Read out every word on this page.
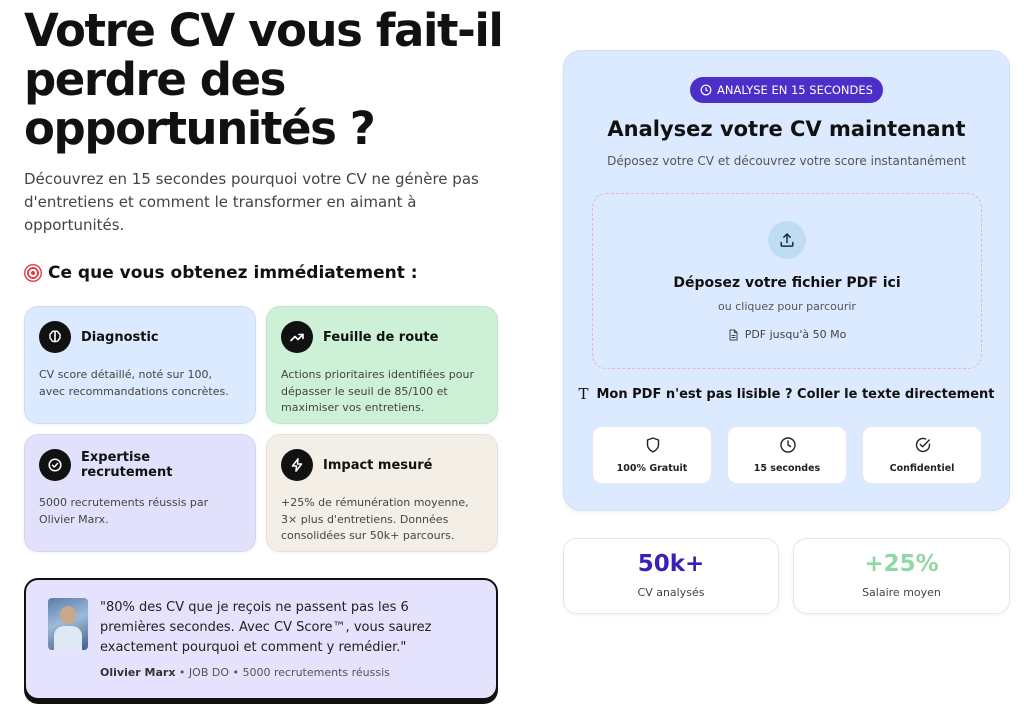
Votre CV vous fait-il perdre des opportunités ?

Découvrez en 15 secondes pourquoi votre CV ne génère pas d'entretiens et comment le transformer en aimant à opportunités.

Ce que vous obtenez immédiatement :
Diagnostic

CV score détaillé, noté sur 100, avec recommandations concrètes.

Feuille de route

Actions prioritaires identifiées pour dépasser le seuil de 85/100 et maximiser vos entretiens.

Expertise recrutement

5000 recrutements réussis par Olivier Marx.

Impact mesuré

+25% de rémunération moyenne, 3× plus d'entretiens. Données consolidées sur 50k+ parcours.

"80% des CV que je reçois ne passent pas les 6 premières secondes. Avec CV Score™, vous saurez exactement pourquoi et comment y remédier."

Olivier Marx • JOB DO • 5000 recrutements réussis

ANALYSE EN 15 SECONDES
Analysez votre CV maintenant
Déposez votre CV et découvrez votre score instantanément
Déposez votre fichier PDF ici
ou cliquez pour parcourir
PDF jusqu'à 50 Mo
T Mon PDF n'est pas lisible ? Coller le texte directement
100% Gratuit	15 secondes	Confidentiel
50k+
CV analysés
+25%
Salaire moyen
